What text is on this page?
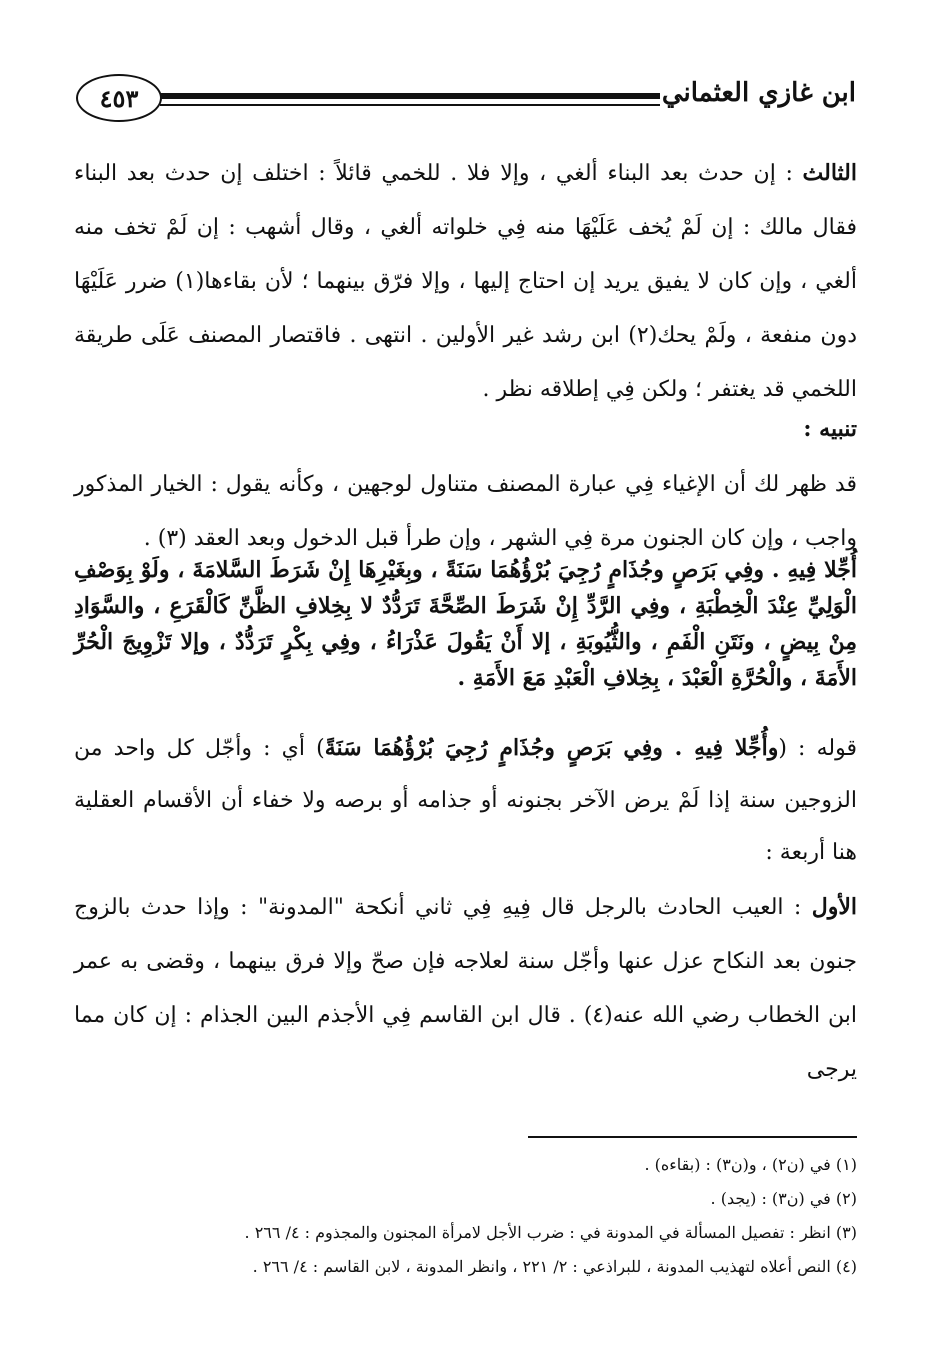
٤٥٣	ابن غازي العثماني

الثالث : إن حدث بعد البناء ألغي ، وإلا فلا . للخمي قائلاً : اختلف إن حدث بعد البناء فقال مالك : إن لَمْ يُخف عَلَيْهَا منه فِي خلواته ألغي ، وقال أشهب : إن لَمْ تخف منه ألغي ، وإن كان لا يفيق يريد إن احتاج إليها ، وإلا فرّق بينهما ؛ لأن بقاءها(١) ضرر عَلَيْهَا دون منفعة ، ولَمْ يحك(٢) ابن رشد غير الأولين . انتهى . فاقتصار المصنف عَلَى طريقة اللخمي قد يغتفر ؛ ولكن فِي إطلاقه نظر .

تنبيه :

قد ظهر لك أن الإغياء فِي عبارة المصنف متناول لوجهين ، وكأنه يقول : الخيار المذكور واجب ، وإن كان الجنون مرة فِي الشهر ، وإن طرأ قبل الدخول وبعد العقد (٣) .

أُجِّلا فِيهِ . وفِي بَرَصٍ وجُذَامٍ رُجِيَ بُرْؤُهُمَا سَنَةً ، وبِغَيْرِهَا إِنْ شَرَطَ السَّلامَةَ ، ولَوْ بِوَصْفِ الْوَلِيِّ عِنْدَ الْخِطْبَةِ ، وفِي الرَّدِّ إِنْ شَرَطَ الصِّحَّةَ تَرَدُّدٌ لا بِخِلافِ الظَّنِّ كَالْقَرَعِ ، والسَّوَادِ مِنْ بِيضٍ ، ونَتَنِ الْفَمِ ، والثُّيُوبَةِ ، إلا أَنْ يَقُولَ عَذْرَاءُ ، وفِي بِكْرٍ تَرَدُّدٌ ، وإلا تَزْوِيجَ الْحُرِّ الأَمَةَ ، والْحُرَّةِ الْعَبْدَ ، بِخِلافِ الْعَبْدِ مَعَ الأَمَةِ .

قوله : (وأُجِّلا فِيهِ . وفِي بَرَصٍ وجُذَامٍ رُجِيَ بُرْؤُهُمَا سَنَةً) أي : وأجّل كل واحد من الزوجين سنة إذا لَمْ يرض الآخر بجنونه أو جذامه أو برصه ولا خفاء أن الأقسام العقلية هنا أربعة :

الأول : العيب الحادث بالرجل قال فِيهِ فِي ثاني أنكحة "المدونة" : وإذا حدث بالزوج جنون بعد النكاح عزل عنها وأجّل سنة لعلاجه فإن صحّ وإلا فرق بينهما ، وقضى به عمر ابن الخطاب رضي الله عنه(٤) . قال ابن القاسم فِي الأجذم البين الجذام : إن كان مما يرجى

(١) في (ن٢) ، و(ن٣) : (بقاءه) .

(٢) في (ن٣) : (يجد) .

(٣) انظر : تفصيل المسألة في المدونة في : ضرب الأجل لامرأة المجنون والمجذوم : ٤/ ٢٦٦ .

(٤) النص أعلاه لتهذيب المدونة ، للبراذعي : ٢/ ٢٢١ ، وانظر المدونة ، لابن القاسم : ٤/ ٢٦٦ .
